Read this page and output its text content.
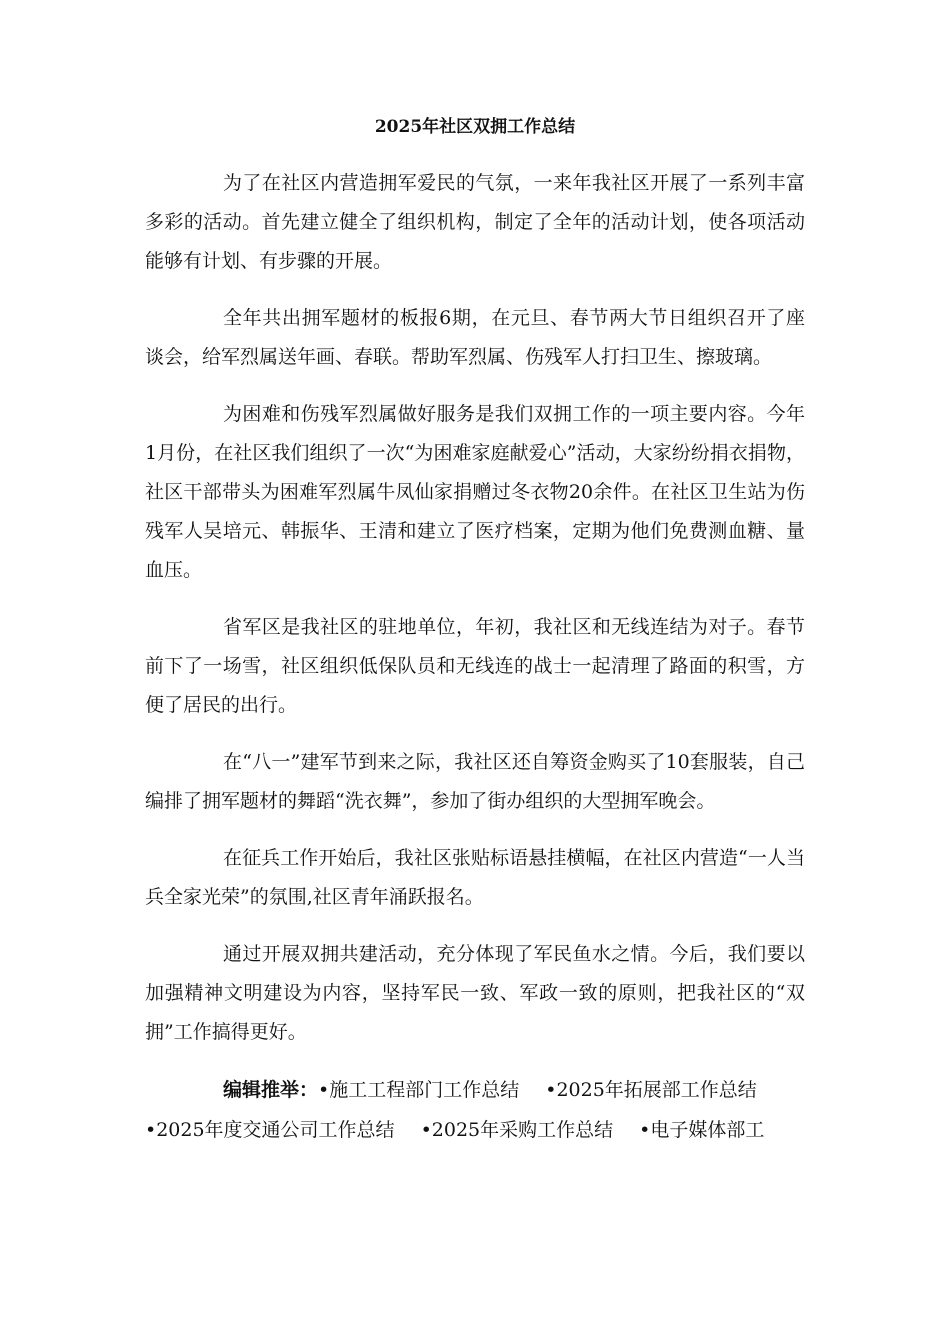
2025年社区双拥工作总结

为了在社区内营造拥军爱民的气氛，一来年我社区开展了一系列丰富多彩的活动。首先建立健全了组织机构，制定了全年的活动计划，使各项活动能够有计划、有步骤的开展。

全年共出拥军题材的板报6期，在元旦、春节两大节日组织召开了座谈会，给军烈属送年画、春联。帮助军烈属、伤残军人打扫卫生、擦玻璃。

为困难和伤残军烈属做好服务是我们双拥工作的一项主要内容。今年1月份，在社区我们组织了一次“为困难家庭献爱心”活动，大家纷纷捐衣捐物，社区干部带头为困难军烈属牛凤仙家捐赠过冬衣物20余件。在社区卫生站为伤残军人吴培元、韩振华、王清和建立了医疗档案，定期为他们免费测血糖、量血压。

省军区是我社区的驻地单位，年初，我社区和无线连结为对子。春节前下了一场雪，社区组织低保队员和无线连的战士一起清理了路面的积雪，方便了居民的出行。

在“八一”建军节到来之际，我社区还自筹资金购买了10套服装，自己编排了拥军题材的舞蹈“洗衣舞”，参加了街办组织的大型拥军晚会。

在征兵工作开始后，我社区张贴标语悬挂横幅，在社区内营造“一人当兵全家光荣”的氛围,社区青年涌跃报名。

通过开展双拥共建活动，充分体现了军民鱼水之情。今后，我们要以加强精神文明建设为内容，坚持军民一致、军政一致的原则，把我社区的“双拥”工作搞得更好。

编辑推举：•施工工程部门工作总结 •2025年拓展部工作总结•2025年度交通公司工作总结 •2025年采购工作总结 •电子媒体部工
